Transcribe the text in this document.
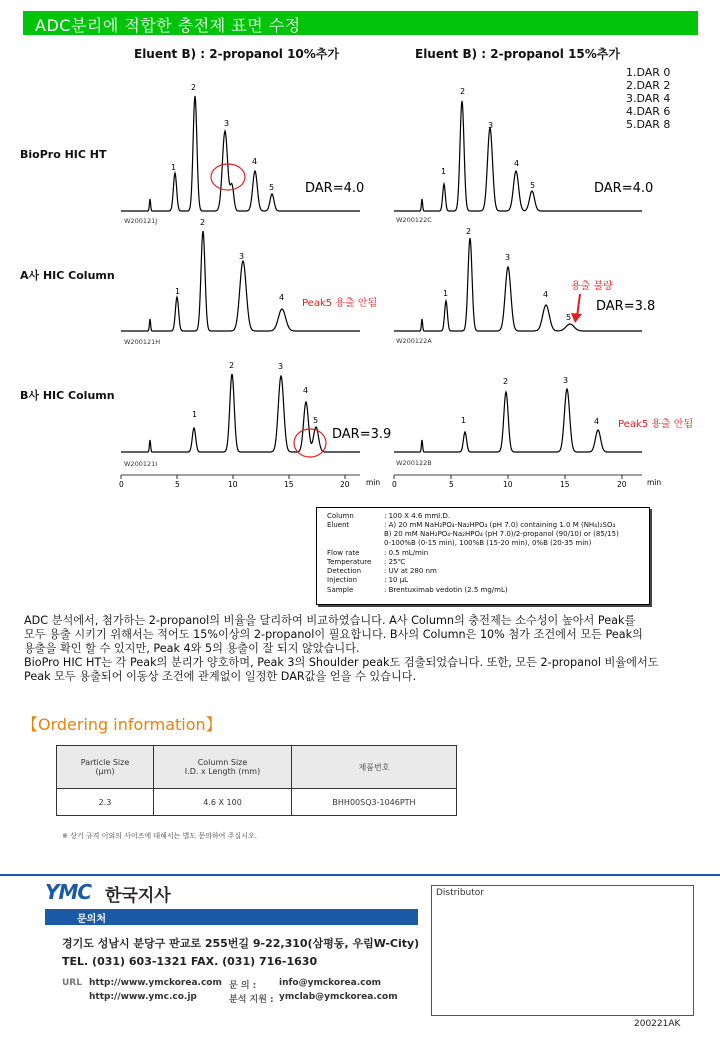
ADC분리에 적합한 충전제 표면 수정
Eluent B) : 2-propanol 10%추가	Eluent B) : 2-propanol 15%추가
1.DAR 0
2.DAR 2
3.DAR 4
4.DAR 6
5.DAR 8
BioPro HIC HT
A사 HIC Column
B사 HIC Column
1
2
3
4
5
1
2
3
4
5
1
2
3
4	1
2
3
4
5
1
2	3
4
5	1
2	3
4
W200121J	W200122C
W200121H	W200122A
W200121I	W200122B
DAR=4.0	DAR=4.0
DAR=3.8
DAR=3.9
Peak5 용출 안됨
용출 불량
Peak5 용출 안됨
0	5	10	15	20 min 0	5	10	15	20	min
Column	: 100 X 4.6 mmI.D.
Eluent	: A) 20 mM NaH₂PO₄-Na₂HPO₄ (pH 7.0) containing 1.0 M (NH₄)₂SO₄
B) 20 mM NaH₂PO₄-Na₂HPO₄ (pH 7.0)/2-propanol (90/10) or (85/15)
0-100%B (0-15 min), 100%B (15-20 min), 0%B (20-35 min)
Flow rate	: 0.5 mL/min
Temperature	: 25℃
Detection	: UV at 280 nm
Injection	: 10 μL
Sample	: Brentuximab vedotin (2.5 mg/mL)

ADC 분석에서, 첨가하는 2-propanol의 비율을 달리하여 비교하였습니다. A사 Column의 충전제는 소수성이 높아서 Peak를

모두 용출 시키기 위해서는 적어도 15%이상의 2-propanol이 필요합니다. B사의 Column은 10% 첨가 조건에서 모든 Peak의

용출을 확인 할 수 있지만, Peak 4와 5의 용출이 잘 되지 않았습니다.

BioPro HIC HT는 각 Peak의 분리가 양호하며, Peak 3의 Shoulder peak도 검출되었습니다. 또한, 모든 2-propanol 비율에서도

Peak 모두 용출되어 이동상 조건에 관계없이 일정한 DAR값을 얻을 수 있습니다.

【Ordering information】
Particle Size
(μm)	Column Size
I.D. x Length (mm)	제품번호
2.3	4.6 X 100	BHH00SQ3-1046PTH
※ 상기 규격 이외의 사이즈에 대해서는 별도 문의하여 주십시오.
YMC 한국지사
문의처
경기도 성남시 분당구 판교로 255번길 9-22,310(삼평동, 우림W-City)
TEL. (031) 603-1321 FAX. (031) 716-1630
URL http://www.ymckorea.com
http://www.ymc.co.jp
문 의 :	info@ymckorea.com
분석 지원 : ymclab@ymckorea.com
Distributor
200221AK
